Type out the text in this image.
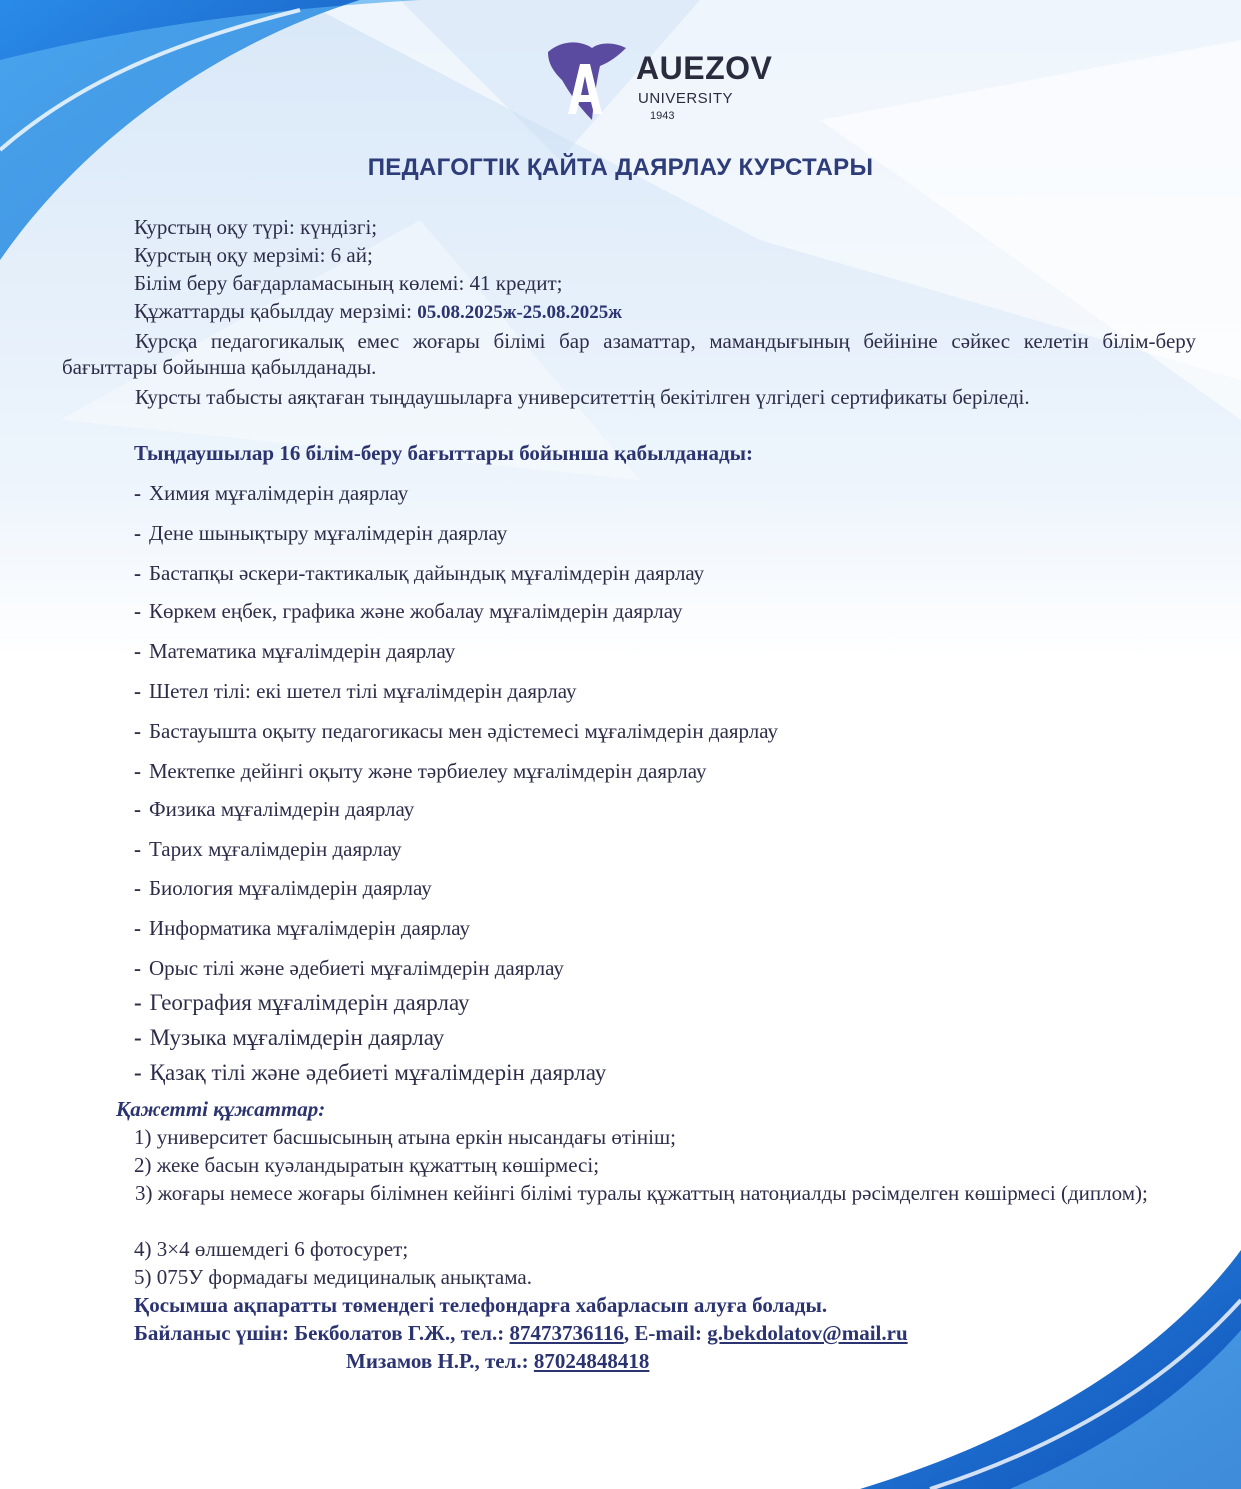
AUEZOV
UNIVERSITY
1943
ПЕДАГОГТІК ҚАЙТА ДАЯРЛАУ КУРСТАРЫ
Курстың оқу түрі: күндізгі;
Курстың оқу мерзімі: 6 ай;
Білім беру бағдарламасының көлемі: 41 кредит;
Құжаттарды қабылдау мерзімі: 05.08.2025ж-25.08.2025ж
Курсқа педагогикалық емес жоғары білімі бар азаматтар, мамандығының бейініне сәйкес келетін білім-беру бағыттары бойынша қабылданады.
Курсты табысты аяқтаған тыңдаушыларға университеттің бекітілген үлгідегі сертификаты беріледі.
Тыңдаушылар 16 білім-беру бағыттары бойынша қабылданады:
- Химия мұғалімдерін даярлау
- Дене шынықтыру мұғалімдерін даярлау
- Бастапқы әскери-тактикалық дайындық мұғалімдерін даярлау
- Көркем еңбек, графика және жобалау мұғалімдерін даярлау
- Математика мұғалімдерін даярлау
- Шетел тілі: екі шетел тілі мұғалімдерін даярлау
- Бастауышта оқыту педагогикасы мен әдістемесі мұғалімдерін даярлау
- Мектепке дейінгі оқыту және тәрбиелеу мұғалімдерін даярлау
- Физика мұғалімдерін даярлау
- Тарих мұғалімдерін даярлау
- Биология мұғалімдерін даярлау
- Информатика мұғалімдерін даярлау
- Орыс тілі және әдебиеті мұғалімдерін даярлау
- География мұғалімдерін даярлау
- Музыка мұғалімдерін даярлау
- Қазақ тілі және әдебиеті мұғалімдерін даярлау
Қажетті құжаттар:
1) университет басшысының атына еркін нысандағы өтініш;
2) жеке басын куәландыратын құжаттың көшірмесі;
3) жоғары немесе жоғары білімнен кейінгі білімі туралы құжаттың натоңиалды рәсімделген көшірмесі (диплом);
4) 3×4 өлшемдегі 6 фотосурет;
5) 075У формадағы медициналық анықтама.
Қосымша ақпаратты төмендегі телефондарға хабарласып алуға болады.
Байланыс үшін: Бекболатов Г.Ж., тел.: 87473736116, E-mail: g.bekdolatov@mail.ru
Мизамов Н.Р., тел.: 87024848418
